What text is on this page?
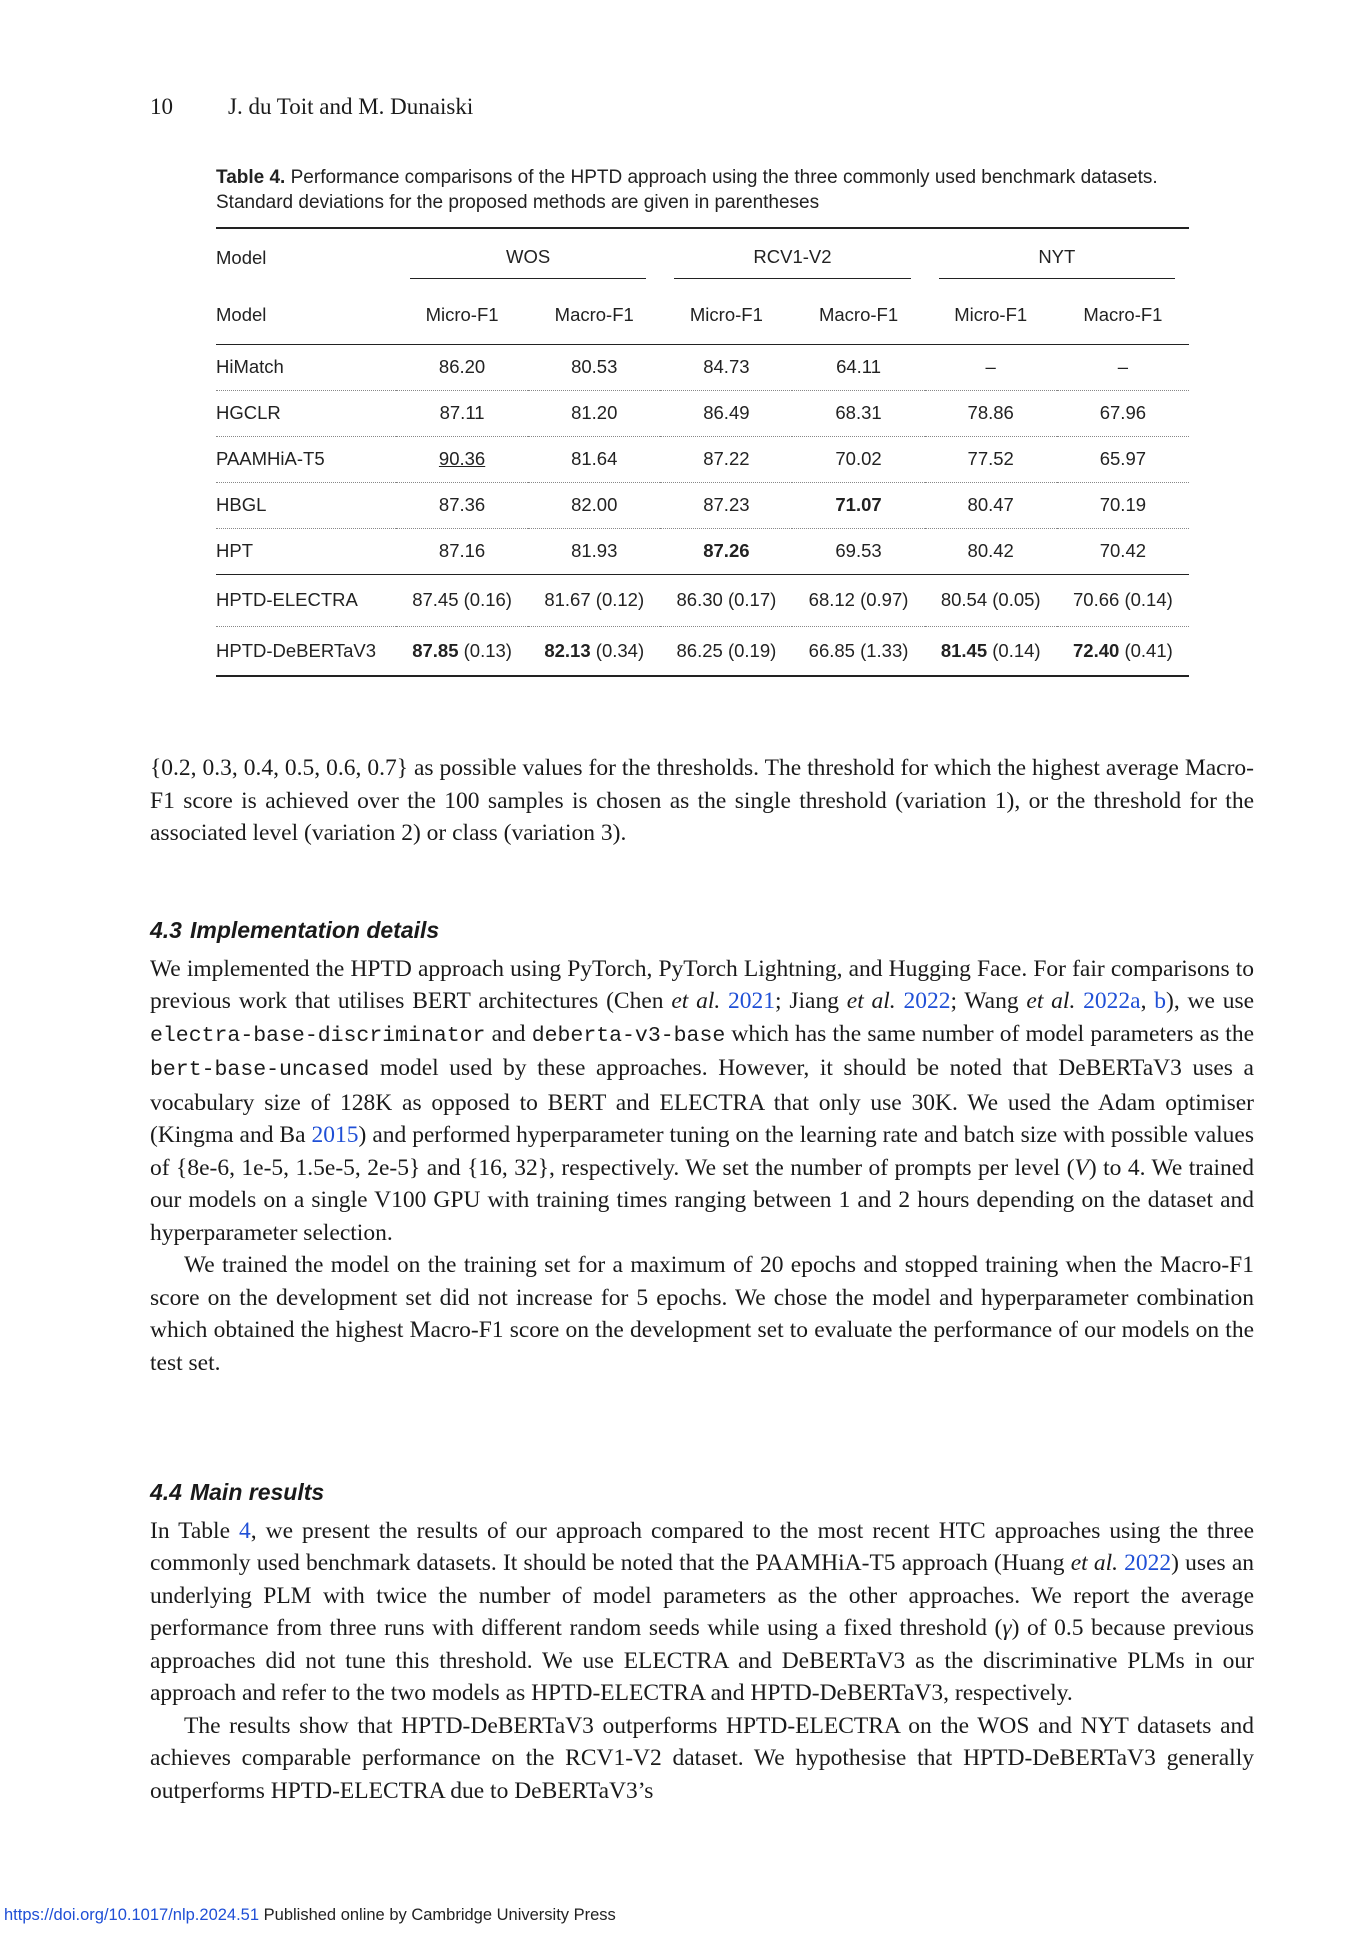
10 J. du Toit and M. Dunaiski
Table 4. Performance comparisons of the HPTD approach using the three commonly used benchmark datasets. Standard deviations for the proposed methods are given in parentheses
Model	WOS		RCV1-V2		NYT	

Model	Micro-F1	Macro-F1	Micro-F1	Macro-F1	Micro-F1	Macro-F1
HiMatch	86.20	80.53	84.73	64.11	–	–
HGCLR	87.11	81.20	86.49	68.31	78.86	67.96
PAAMHiA-T5	90.36	81.64	87.22	70.02	77.52	65.97
HBGL	87.36	82.00	87.23	71.07	80.47	70.19
HPT	87.16	81.93	87.26	69.53	80.42	70.42
HPTD-ELECTRA	87.45 (0.16)	81.67 (0.12)	86.30 (0.17)	68.12 (0.97)	80.54 (0.05)	70.66 (0.14)
HPTD-DeBERTaV3	87.85 (0.13)	82.13 (0.34)	86.25 (0.19)	66.85 (1.33)	81.45 (0.14)	72.40 (0.41)

{0.2, 0.3, 0.4, 0.5, 0.6, 0.7} as possible values for the thresholds. The threshold for which the highest average Macro-F1 score is achieved over the 100 samples is chosen as the single threshold (variation 1), or the threshold for the associated level (variation 2) or class (variation 3).

4.3 Implementation details

We implemented the HPTD approach using PyTorch, PyTorch Lightning, and Hugging Face. For fair comparisons to previous work that utilises BERT architectures (Chen et al. 2021; Jiang et al. 2022; Wang et al. 2022a, b), we use electra-base-discriminator and deberta-v3-base which has the same number of model parameters as the bert-base-uncased model used by these approaches. However, it should be noted that DeBERTaV3 uses a vocabulary size of 128K as opposed to BERT and ELECTRA that only use 30K. We used the Adam optimiser (Kingma and Ba 2015) and performed hyperparameter tuning on the learning rate and batch size with possible values of {8e-6, 1e-5, 1.5e-5, 2e-5} and {16, 32}, respectively. We set the number of prompts per level (V) to 4. We trained our models on a single V100 GPU with training times ranging between 1 and 2 hours depending on the dataset and hyperparameter selection.

We trained the model on the training set for a maximum of 20 epochs and stopped training when the Macro-F1 score on the development set did not increase for 5 epochs. We chose the model and hyperparameter combination which obtained the highest Macro-F1 score on the development set to evaluate the performance of our models on the test set.

4.4 Main results

In Table 4, we present the results of our approach compared to the most recent HTC approaches using the three commonly used benchmark datasets. It should be noted that the PAAMHiA-T5 approach (Huang et al. 2022) uses an underlying PLM with twice the number of model parameters as the other approaches. We report the average performance from three runs with different random seeds while using a fixed threshold (γ) of 0.5 because previous approaches did not tune this threshold. We use ELECTRA and DeBERTaV3 as the discriminative PLMs in our approach and refer to the two models as HPTD-ELECTRA and HPTD-DeBERTaV3, respectively.

The results show that HPTD-DeBERTaV3 outperforms HPTD-ELECTRA on the WOS and NYT datasets and achieves comparable performance on the RCV1-V2 dataset. We hypothesise that HPTD-DeBERTaV3 generally outperforms HPTD-ELECTRA due to DeBERTaV3’s

https://doi.org/10.1017/nlp.2024.51 Published online by Cambridge University Press
